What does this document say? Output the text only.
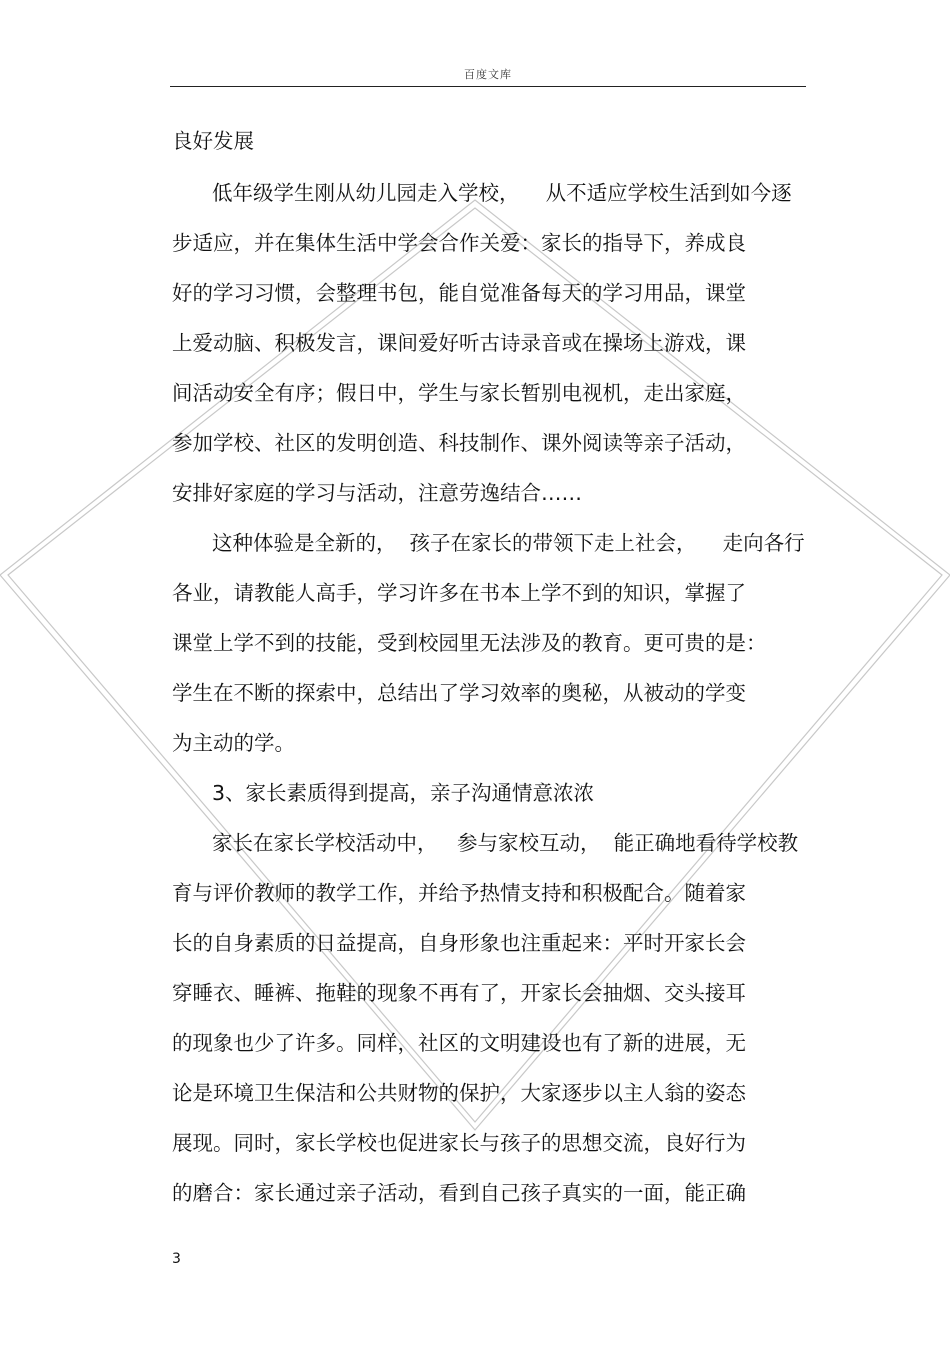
百度文库
良好发展
低年级学生刚从幼儿园走入学校，    从不适应学校生活到如今逐
步适应，并在集体生活中学会合作关爱：家长的指导下，养成良
好的学习习惯，会整理书包，能自觉准备每天的学习用品，课堂
上爱动脑、积极发言，课间爱好听古诗录音或在操场上游戏，课
间活动安全有序；假日中，学生与家长暂别电视机，走出家庭，
参加学校、社区的发明创造、科技制作、课外阅读等亲子活动，
安排好家庭的学习与活动，注意劳逸结合……
这种体验是全新的，  孩子在家长的带领下走上社会，    走向各行
各业，请教能人高手，学习许多在书本上学不到的知识，掌握了
课堂上学不到的技能，受到校园里无法涉及的教育。更可贵的是：
学生在不断的探索中，总结出了学习效率的奥秘，从被动的学变
为主动的学。
3、家长素质得到提高，亲子沟通情意浓浓
家长在家长学校活动中，   参与家校互动，  能正确地看待学校教
育与评价教师的教学工作，并给予热情支持和积极配合。随着家
长的自身素质的日益提高，自身形象也注重起来：平时开家长会
穿睡衣、睡裤、拖鞋的现象不再有了，开家长会抽烟、交头接耳
的现象也少了许多。同样，社区的文明建设也有了新的进展，无
论是环境卫生保洁和公共财物的保护，大家逐步以主人翁的姿态
展现。同时，家长学校也促进家长与孩子的思想交流，良好行为
的磨合：家长通过亲子活动，看到自己孩子真实的一面，能正确
3
